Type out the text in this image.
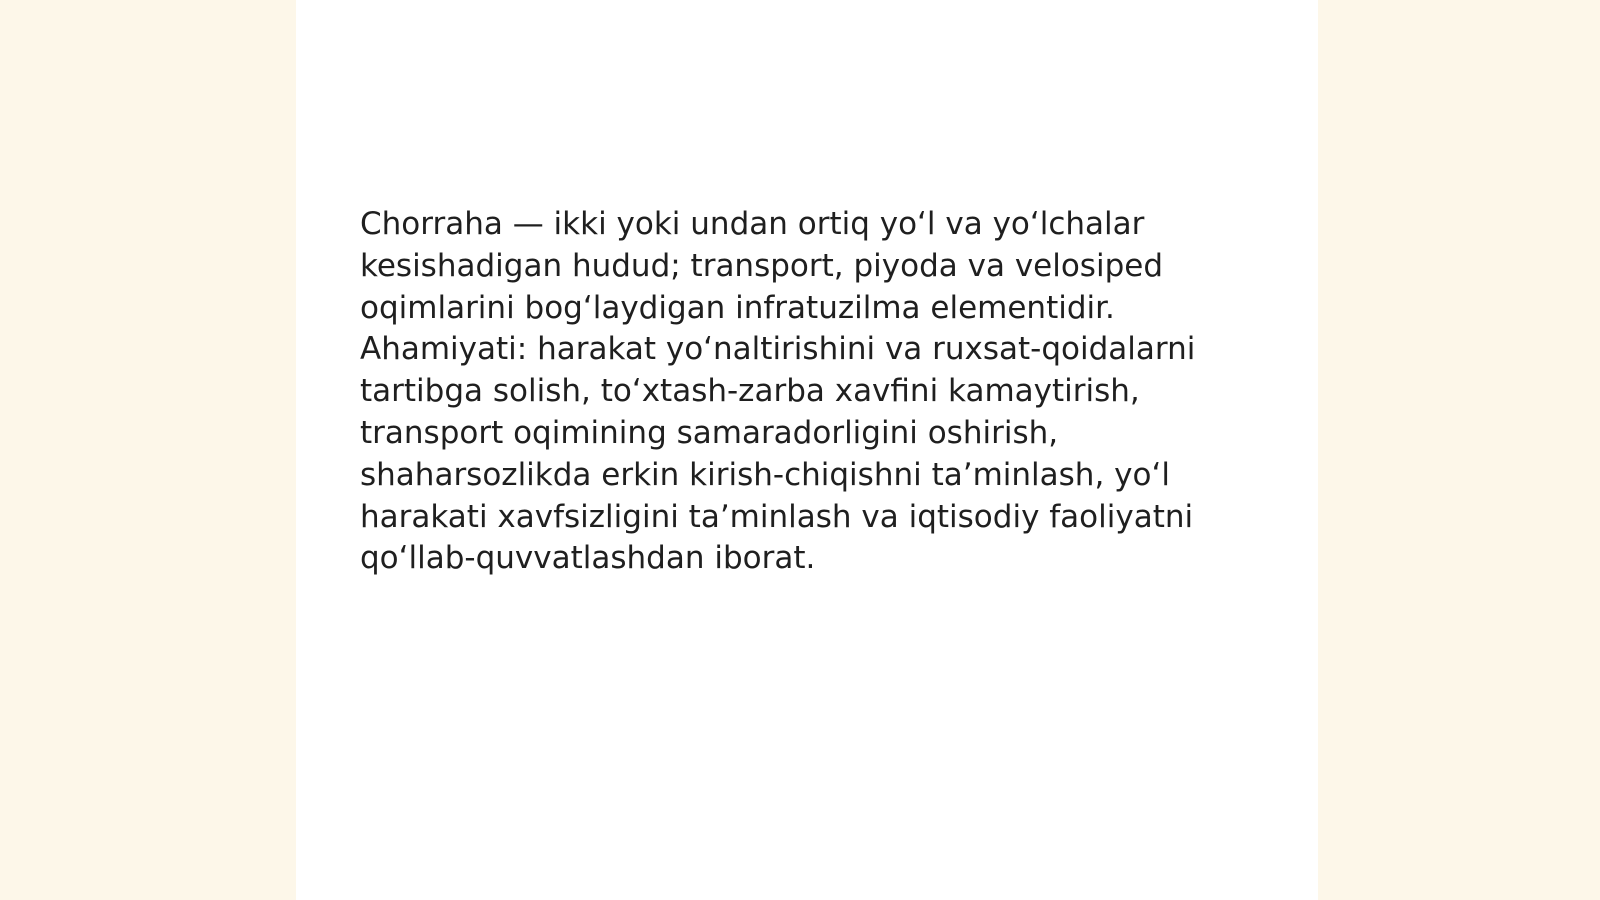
Chorraha — ikki yoki undan ortiq yoʻl va yoʻlchalar
kesishadigan hudud; transport, piyoda va velosiped
oqimlarini bogʻlaydigan infratuzilma elementidir.
Ahamiyati: harakat yoʻnaltirishini va ruxsat-qoidalarni
tartibga solish, toʻxtash-zarba xavfini kamaytirish,
transport oqimining samaradorligini oshirish,
shaharsozlikda erkin kirish-chiqishni taʼminlash, yoʻl
harakati xavfsizligini taʼminlash va iqtisodiy faoliyatni
qoʻllab-quvvatlashdan iborat.
